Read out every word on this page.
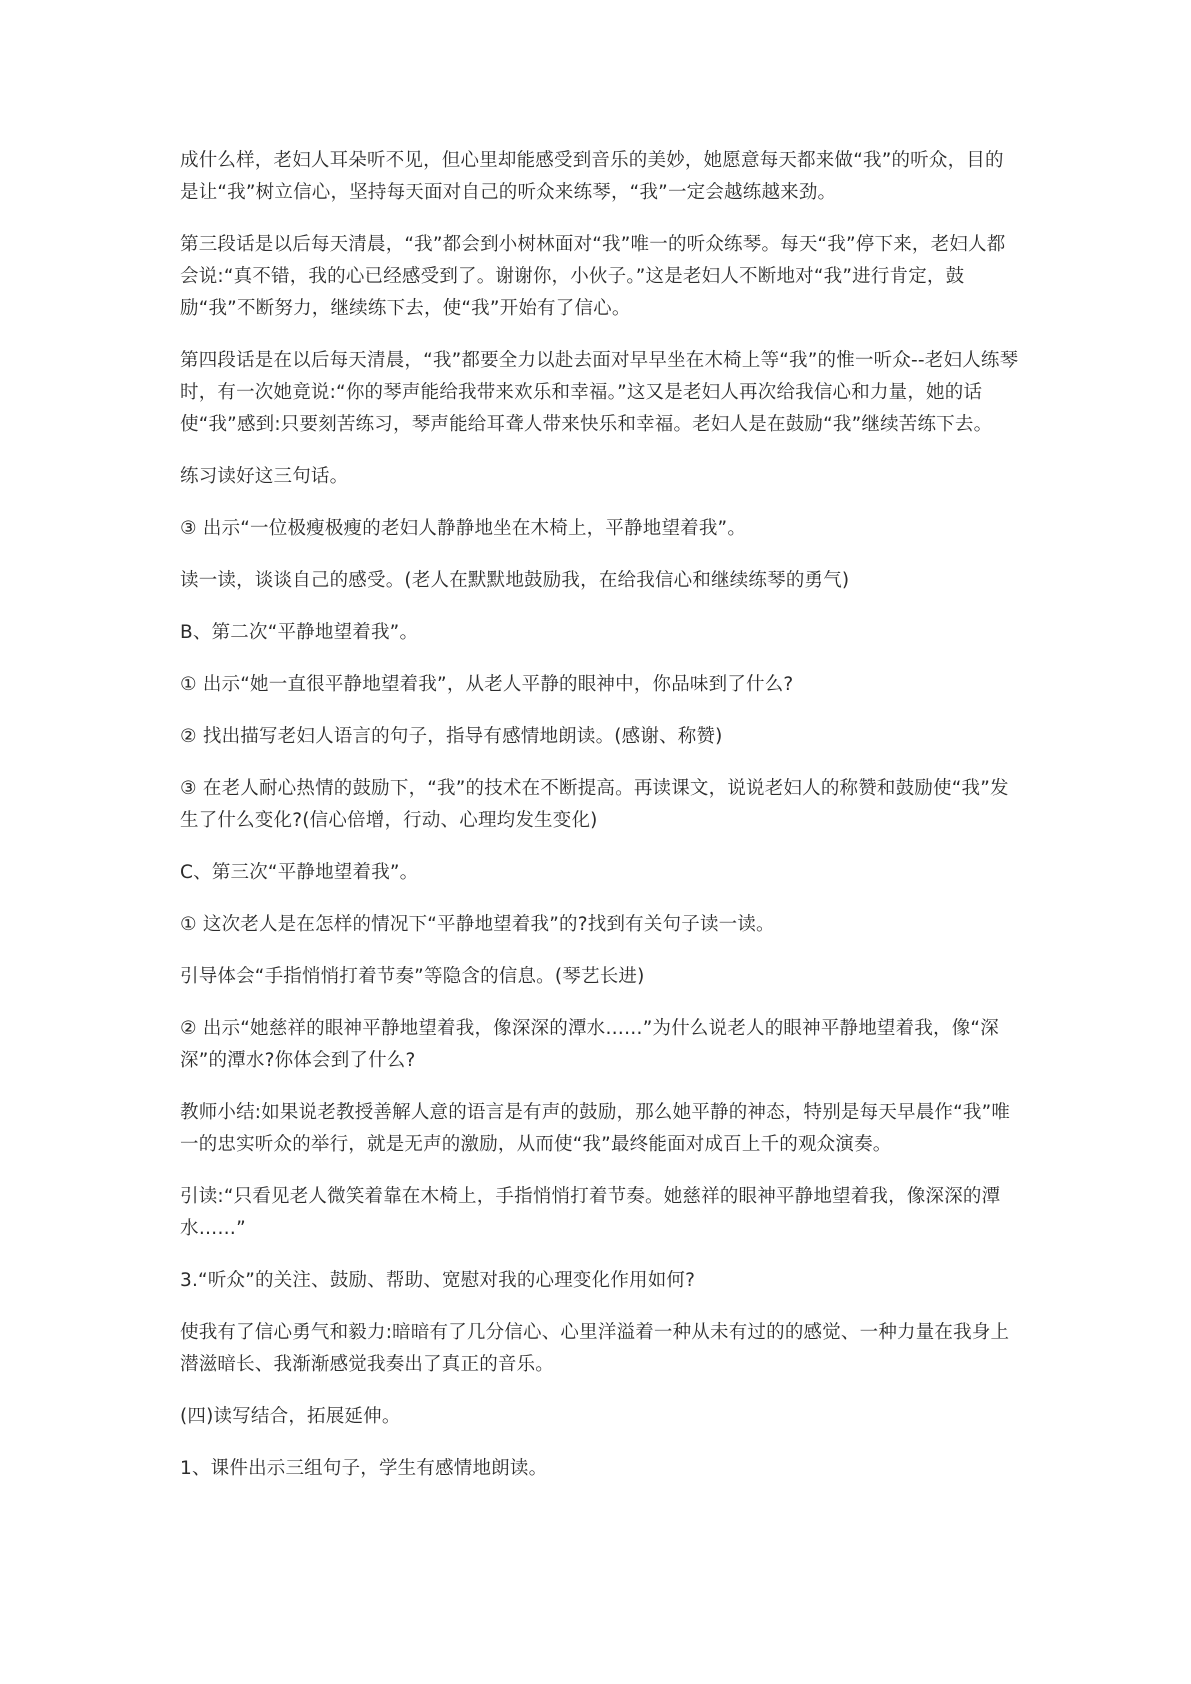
成什么样，老妇人耳朵听不见，但心里却能感受到音乐的美妙，她愿意每天都来做“我”的听众，目的是让“我”树立信心，坚持每天面对自己的听众来练琴，“我”一定会越练越来劲。

第三段话是以后每天清晨，“我”都会到小树林面对“我”唯一的听众练琴。每天“我”停下来，老妇人都会说:“真不错，我的心已经感受到了。谢谢你，小伙子。”这是老妇人不断地对“我”进行肯定，鼓励“我”不断努力，继续练下去，使“我”开始有了信心。

第四段话是在以后每天清晨，“我”都要全力以赴去面对早早坐在木椅上等“我”的惟一听众--老妇人练琴时，有一次她竟说:“你的琴声能给我带来欢乐和幸福。”这又是老妇人再次给我信心和力量，她的话使“我”感到:只要刻苦练习，琴声能给耳聋人带来快乐和幸福。老妇人是在鼓励“我”继续苦练下去。

练习读好这三句话。

③ 出示“一位极瘦极瘦的老妇人静静地坐在木椅上，平静地望着我”。

读一读，谈谈自己的感受。(老人在默默地鼓励我，在给我信心和继续练琴的勇气)

B、第二次“平静地望着我”。

① 出示“她一直很平静地望着我”，从老人平静的眼神中，你品味到了什么?

② 找出描写老妇人语言的句子，指导有感情地朗读。(感谢、称赞)

③ 在老人耐心热情的鼓励下，“我”的技术在不断提高。再读课文，说说老妇人的称赞和鼓励使“我”发生了什么变化?(信心倍增，行动、心理均发生变化)

C、第三次“平静地望着我”。

① 这次老人是在怎样的情况下“平静地望着我”的?找到有关句子读一读。

引导体会“手指悄悄打着节奏”等隐含的信息。(琴艺长进)

② 出示“她慈祥的眼神平静地望着我，像深深的潭水……”为什么说老人的眼神平静地望着我，像“深深”的潭水?你体会到了什么?

教师小结:如果说老教授善解人意的语言是有声的鼓励，那么她平静的神态，特别是每天早晨作“我”唯一的忠实听众的举行，就是无声的激励，从而使“我”最终能面对成百上千的观众演奏。

引读:“只看见老人微笑着靠在木椅上，手指悄悄打着节奏。她慈祥的眼神平静地望着我，像深深的潭水……”

3.“听众”的关注、鼓励、帮助、宽慰对我的心理变化作用如何?

使我有了信心勇气和毅力:暗暗有了几分信心、心里洋溢着一种从未有过的的感觉、一种力量在我身上潜滋暗长、我渐渐感觉我奏出了真正的音乐。

(四)读写结合，拓展延伸。

1、课件出示三组句子，学生有感情地朗读。
